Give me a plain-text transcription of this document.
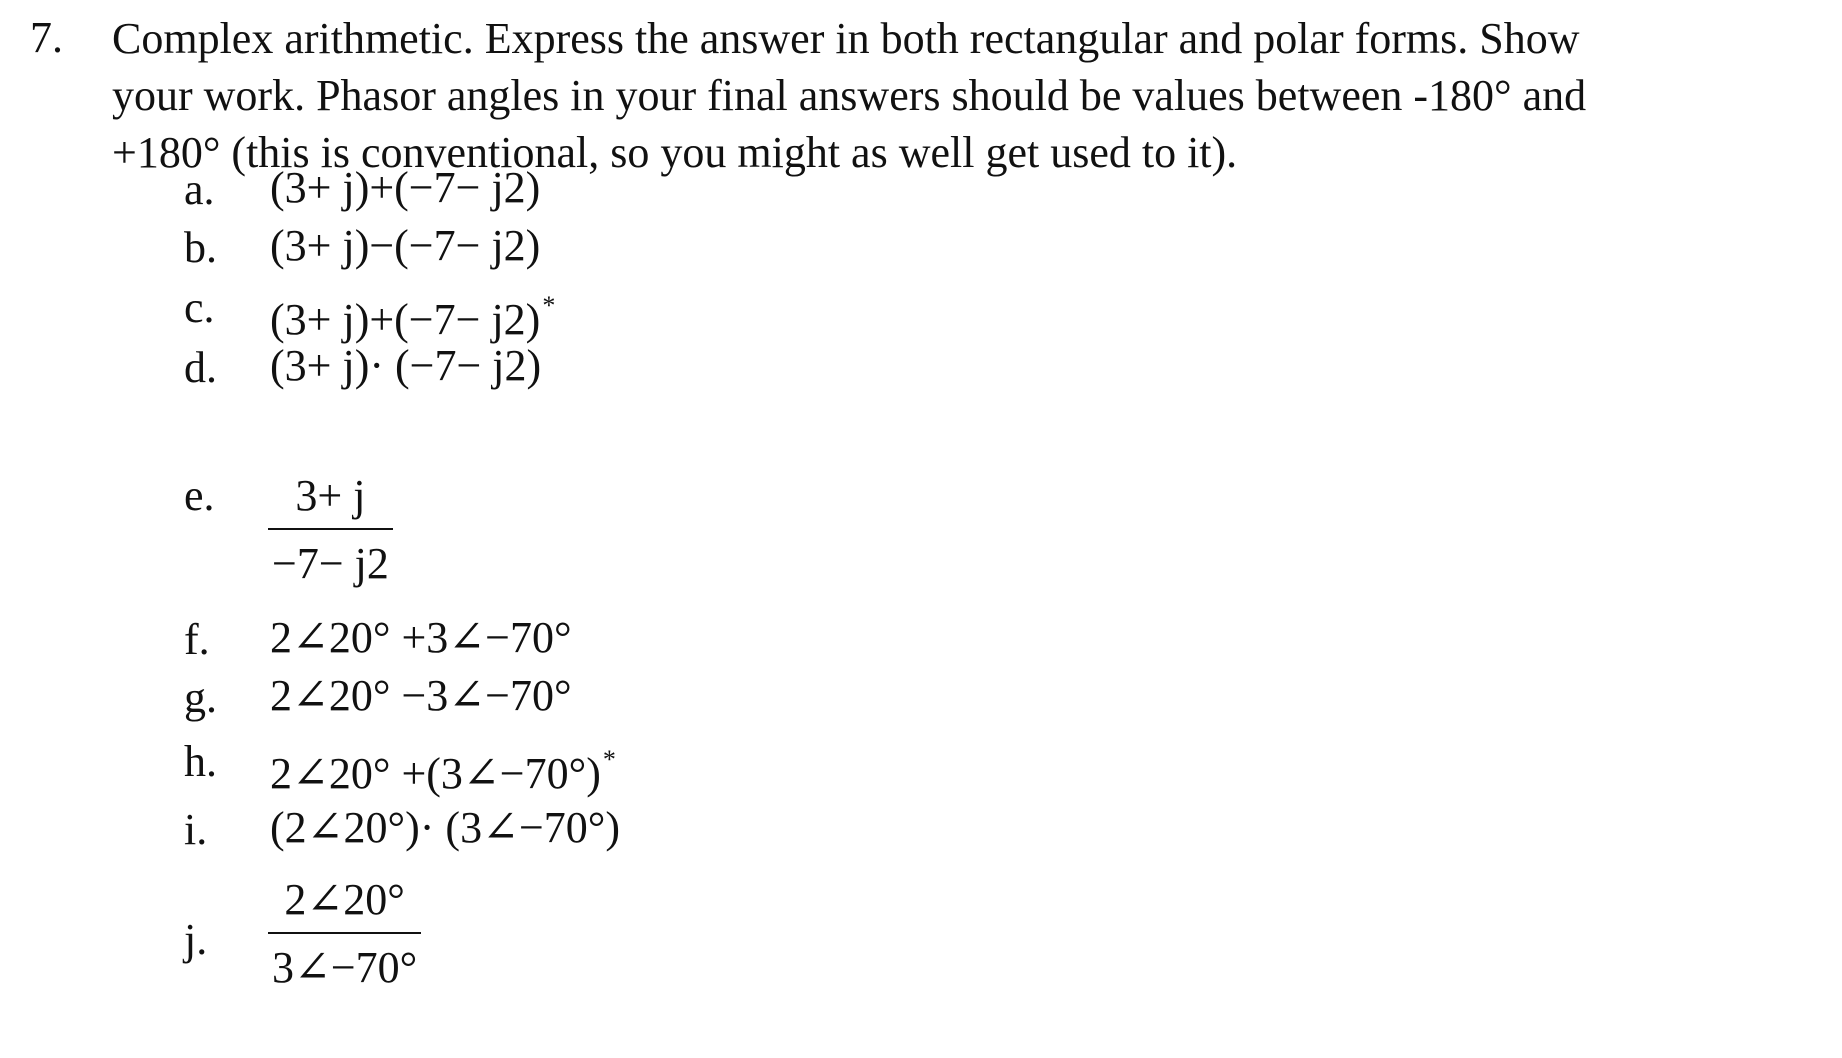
7. Complex arithmetic. Express the answer in both rectangular and polar forms. Show
your work. Phasor angles in your final answers should be values between -180° and
+180° (this is conventional, so you might as well get used to it).
a. (3+ j)+(−7− j2)
b. (3+ j)−(−7− j2)
c. (3+ j)+(−7− j2)*
d. (3+ j)· (−7− j2)
e.	3+ j
−7− j2
f. 2∠20° +3∠−70°
g. 2∠20° −3∠−70°
h. 2∠20° +(3∠−70°)*
i. (2∠20°)· (3∠−70°)
j.
2∠20°
3∠−70°
